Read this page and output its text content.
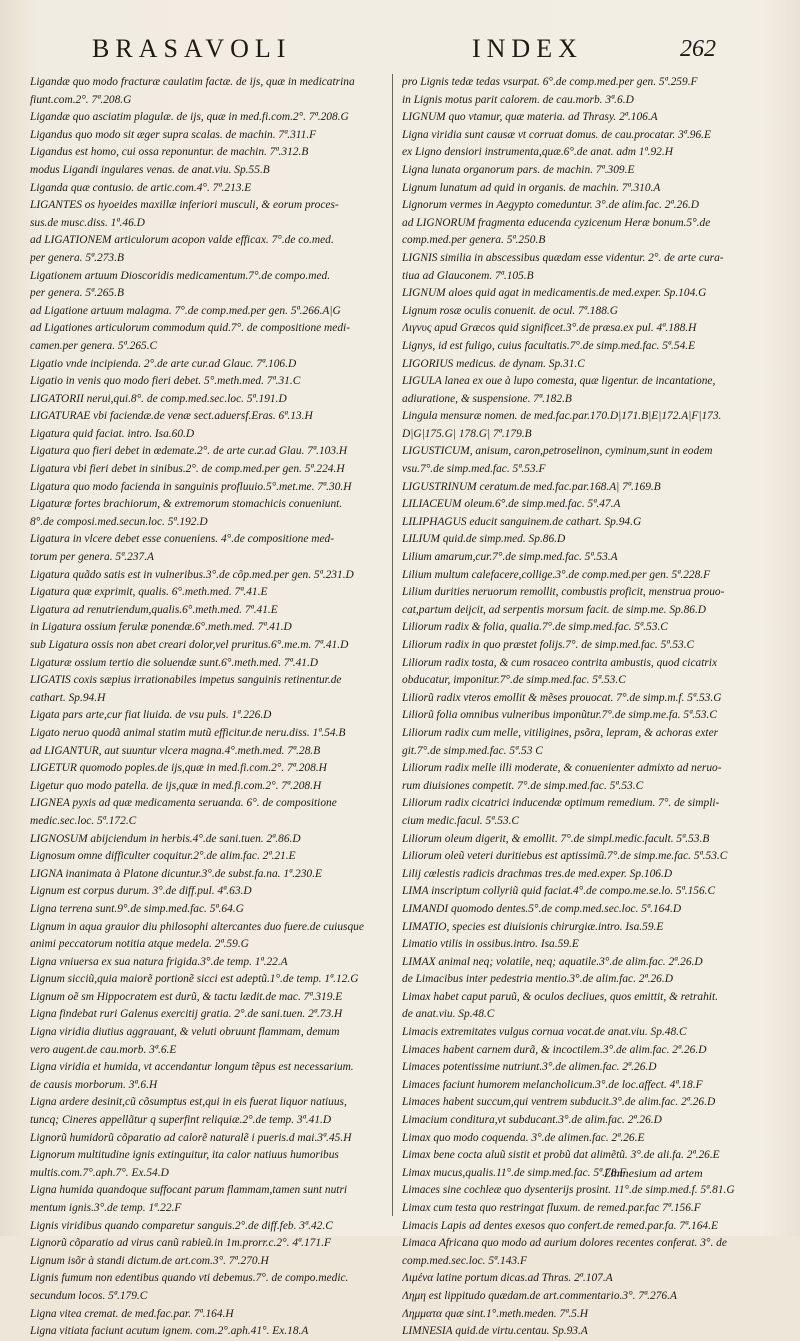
BRASAVOLI	INDEX	262
Ligandæ quo modo fracturæ caulatim factæ. de ijs, quæ in medicatrina
fiunt.com.2°. 7ª.208.G
Ligandæ quo asciatim plagulæ. de ijs, quæ in med.fi.com.2°. 7ª.208.G
Ligandus quo modo sit æger supra scalas. de machin. 7ª.311.F
Ligandus est homo, cui ossa reponuntur. de machin. 7ª.312.B
modus Ligandi ingulares venas. de anat.viu. Sp.55.B
Liganda quæ contusio. de artic.com.4°. 7ª.213.E
LIGANTES os hyoeides maxillæ inferiori musculi, & eorum proces-
sus.de musc.diss. 1ª.46.D
ad LIGATIONEM articulorum acopon valde efficax. 7°.de co.med.
per genera. 5ª.273.B
Ligationem artuum Dioscoridis medicamentum.7°.de compo.med.
per genera. 5ª.265.B
ad Ligatione artuum malagma. 7°.de comp.med.per gen. 5ª.266.A|G
ad Ligationes articulorum commodum quid.7°. de compositione medi-
camen.per genera. 5ª.265.C
Ligatio vnde incipienda. 2°.de arte cur.ad Glauc. 7ª.106.D
Ligatio in venis quo modo fieri debet. 5°.meth.med. 7ª.31.C
LIGATORII nerui,qui.8°. de comp.med.sec.loc. 5ª.191.D
LIGATURAE vbi faciendæ.de venæ sect.aduersf.Eras. 6ª.13.H
Ligatura quid faciat. intro. Isa.60.D
Ligatura quo fieri debet in œdemate.2°. de arte cur.ad Glau. 7ª.103.H
Ligatura vbi fieri debet in sinibus.2°. de comp.med.per gen. 5ª.224.H
Ligatura quo modo facienda in sanguinis profluuio.5°.met.me. 7ª.30.H
Ligaturæ fortes brachiorum, & extremorum stomachicis conueniunt.
8°.de composi.med.secun.loc. 5ª.192.D
Ligatura in vlcere debet esse conueniens. 4°.de compositione med-
torum per genera. 5ª.237.A
Ligatura quãdo satis est in vulneribus.3°.de cõp.med.per gen. 5ª.231.D
Ligatura quæ exprimit, qualis. 6°.meth.med. 7ª.41.E
Ligatura ad renutriendum,qualis.6°.meth.med. 7ª.41.E
in Ligatura ossium ferulæ ponendæ.6°.meth.med. 7ª.41.D
sub Ligatura ossis non abet creari dolor,vel pruritus.6°.me.m. 7ª.41.D
Ligaturæ ossium tertio die soluendæ sunt.6°.meth.med. 7ª.41.D
LIGATIS coxis sæpius irrationabiles impetus sanguinis retinentur.de
cathart. Sp.94.H
Ligata pars arte,cur fiat liuida. de vsu puls. 1ª.226.D
Ligato neruo quodã animal statim mutũ efficitur.de neru.diss. 1ª.54.B
ad LIGANTUR, aut suuntur vlcera magna.4°.meth.med. 7ª.28.B
LIGETUR quomodo poples.de ijs,quæ in med.fi.com.2°. 7ª.208.H
Ligetur quo modo patella. de ijs,quæ in med.fi.com.2°. 7ª.208.H
LIGNEA pyxis ad quæ medicamenta seruanda. 6°. de compositione
medic.sec.loc. 5ª.172.C
LIGNOSUM abijciendum in herbis.4°.de sani.tuen. 2ª.86.D
Lignosum omne difficulter coquitur.2°.de alim.fac. 2ª.21.E
LIGNA inanimata à Platone dicuntur.3°.de subst.fa.na. 1ª.230.E
Lignum est corpus durum. 3°.de diff.pul. 4ª.63.D
Ligna terrena sunt.9°.de simp.med.fac. 5ª.64.G
Lignum in aqua grauior diu philosophi altercantes duo fuere.de cuiusque
animi peccatorum notitia atque medela. 2ª.59.G
Ligna vniuersa ex sua natura frigida.3°.de temp. 1ª.22.A
Lignum sicciũ,quia maiorẽ portionẽ sicci est adeptũ.1°.de temp. 1ª.12.G
Lignum oẽ sm Hippocratem est durũ, & tactu lædit.de mac. 7ª.319.E
Ligna findebat ruri Galenus exercitij gratia. 2°.de sani.tuen. 2ª.73.H
Ligna viridia diutius aggrauant, & veluti obruunt flammam, demum
vero augent.de cau.morb. 3ª.6.E
Ligna viridia et humida, vt accendantur longum tẽpus est necessarium.
de causis morborum. 3ª.6.H
Ligna ardere desinit,cũ cõsumptus est,qui in eis fuerat liquor natiuus,
tuncq; Cineres appellãtur q superfint reliquiæ.2°.de temp. 3ª.41.D
Lignorũ humidorũ cõparatio ad calorẽ naturalẽ i pueris.d mai.3ª.45.H
Lignorum multitudine ignis extinguitur, ita calor natiuus humoribus
multis.com.7°.aph.7°. Ex.54.D
Ligna humida quandoque suffocant parum flammam,tamen sunt nutri
mentum ignis.3°.de temp. 1ª.22.F
Lignis viridibus quando comparetur sanguis.2°.de diff.feb. 3ª.42.C
Lignorũ cõparatio ad virus canũ rabieũ.in 1m.prorr.c.2°. 4ª.171.F
Lignum isõr à standi dictum.de art.com.3°. 7ª.270.H
Lignis fumum non edentibus quando vti debemus.7°. de compo.medic.
secundum locos. 5ª.179.C
Ligna vitea cremat. de med.fac.par. 7ª.164.H
Ligna vitiata faciunt acutum ignem. com.2°.aph.41°. Ex.18.A
pro Lignis tedæ tedas vsurpat. 6°.de comp.med.per gen. 5ª.259.F
in Lignis motus parit calorem. de cau.morb. 3ª.6.D
LIGNUM quo vtamur, quæ materia. ad Thrasy. 2ª.106.A
Ligna viridia sunt causæ vt corruat domus. de cau.procatar. 3ª.96.E
ex Ligno densiori instrumenta,quæ.6°.de anat. adm 1ª.92.H
Ligna lunata organorum pars. de machin. 7ª.309.E
Lignum lunatum ad quid in organis. de machin. 7ª.310.A
Lignorum vermes in Aegypto comeduntur. 3°.de alim.fac. 2ª.26.D
ad LIGNORUM fragmenta educenda cyzicenum Heræ bonum.5°.de
comp.med.per genera. 5ª.250.B
LIGNIS similia in abscessibus quædam esse videntur. 2°. de arte cura-
tiua ad Glauconem. 7ª.105.B
LIGNUM aloes quid agat in medicamentis.de med.exper. Sp.104.G
Lignum rosæ oculis conuenit. de ocul. 7ª.188.G
Λιγνυς apud Græcos quid significet.3°.de præsa.ex pul. 4ª.188.H
Lignys, id est fuligo, cuius facultatis.7°.de simp.med.fac. 5ª.54.E
LIGORIUS medicus. de dynam. Sp.31.C
LIGULA lanea ex oue à lupo comesta, quæ ligentur. de incantatione,
adiuratione, & suspensione. 7ª.182.B
Lingula mensuræ nomen. de med.fac.par.170.D|171.B|E|172.A|F|173.
D|G|175.G| 178.G| 7ª.179.B
LIGUSTICUM, anisum, caron,petroselinon, cyminum,sunt in eodem
vsu.7°.de simp.med.fac. 5ª.53.F
LIGUSTRINUM ceratum.de med.fac.par.168.A| 7ª.169.B
LILIACEUM oleum.6°.de simp.med.fac. 5ª.47.A
LILIPHAGUS educit sanguinem.de cathart. Sp.94.G
LILIUM quid.de simp.med. Sp.86.D
Lilium amarum,cur.7°.de simp.med.fac. 5ª.53.A
Lilium multum calefacere,collige.3°.de comp.med.per gen. 5ª.228.F
Lilium durities neruorum remollit, combustis proficit, menstrua prouo-
cat,partum deijcit, ad serpentis morsum facit. de simp.me. Sp.86.D
Liliorum radix & folia, qualia.7°.de simp.med.fac. 5ª.53.C
Liliorum radix in quo præstet folijs.7°. de simp.med.fac. 5ª.53.C
Liliorum radix tosta, & cum rosaceo contrita ambustis, quod cicatrix
obducatur, imponitur.7°.de simp.med.fac. 5ª.53.C
Liliorũ radix vteros emollit & mẽses prouocat. 7°.de simp.m.f. 5ª.53.G
Liliorũ folia omnibus vulneribus imponũtur.7°.de simp.me.fa. 5ª.53.C
Liliorum radix cum melle, vitiligines, psõra, lepram, & achoras exter
git.7°.de simp.med.fac. 5ª.53 C
Liliorum radix melle illi moderate, & conuenienter admixto ad neruo-
rum diuisiones competit. 7°.de simp.med.fac. 5ª.53.C
Liliorum radix cicatrici inducendæ optimum remedium. 7°. de simpli-
cium medic.facul. 5ª.53.C
Liliorum oleum digerit, & emollit. 7°.de simpl.medic.facult. 5ª.53.B
Liliorum oleũ veteri duritiebus est aptissimũ.7°.de simp.me.fac. 5ª.53.C
Lilij cœlestis radicis drachmas tres.de med.exper. Sp.106.D
LIMA inscriptum collyriũ quid faciat.4°.de compo.me.se.lo. 5ª.156.C
LIMANDI quomodo dentes.5°.de comp.med.sec.loc. 5ª.164.D
LIMATIO, species est diuisionis chirurgiæ.intro. Isa.59.E
Limatio vtilis in ossibus.intro. Isa.59.E
LIMAX animal neq; volatile, neq; aquatile.3°.de alim.fac. 2ª.26.D
de Limacibus inter pedestria mentio.3°.de alim.fac. 2ª.26.D
Limax habet caput paruũ, & oculos decliues, quos emittit, & retrahit.
de anat.viu. Sp.48.C
Limacis extremitates vulgus cornua vocat.de anat.viu. Sp.48.C
Limaces habent carnem durã, & incoctilem.3°.de alim.fac. 2ª.26.D
Limaces potentissime nutriunt.3°.de alimen.fac. 2ª.26.D
Limaces faciunt humorem melancholicum.3°.de loc.affect. 4ª.18.F
Limaces habent succum,qui ventrem subducit.3°.de alim.fac. 2ª.26.D
Limacium conditura,vt subducant.3°.de alim.fac. 2ª.26.D
Limax quo modo coquenda. 3°.de alimen.fac. 2ª.26.E
Limax bene cocta aluũ sistit et probũ dat alimẽtũ. 3°.de ali.fa. 2ª.26.E
Limax mucus,qualis.11°.de simp.med.fac. 5ª.78.F
Limaces sine cochleæ quo dysenterijs prosint. 11°.de simp.med.f. 5ª.81.G
Limax cum testa quo restringat fluxum. de remed.par.fac 7ª.156.F
Limacis Lapis ad dentes exesos quo confert.de remed.par.fa. 7ª.164.E
Limaca Africana quo modo ad aurium dolores recentes conferat. 3°. de
comp.med.sec.loc. 5ª.143.F
Λιμένα latine portum dicas.ad Thras. 2ª.107.A
Λημη est lippitudo quædam.de art.commentario.3°. 7ª.276.A
Λημματα quæ sint.1°.meth.meden. 7ª.5.H
LIMNESIA quid.de virtu.centau. Sp.93.A
Limnesium ad artem
